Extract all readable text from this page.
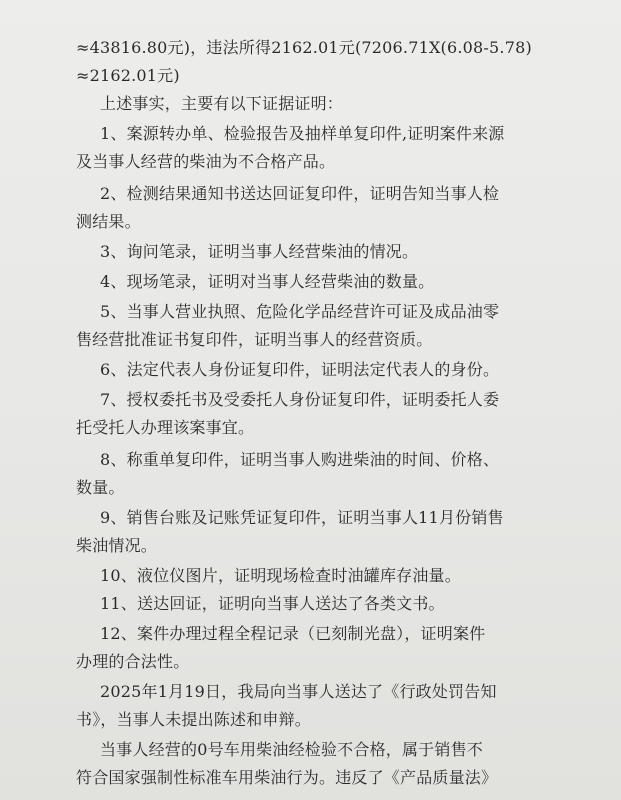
≈43816.80元)，违法所得2162.01元(7206.71X(6.08-5.78)
≈2162.01元)
上述事实，主要有以下证据证明：
1、案源转办单、检验报告及抽样单复印件,证明案件来源
及当事人经营的柴油为不合格产品。
2、检测结果通知书送达回证复印件，证明告知当事人检
测结果。
3、询问笔录，证明当事人经营柴油的情况。
4、现场笔录，证明对当事人经营柴油的数量。
5、当事人营业执照、危险化学品经营许可证及成品油零
售经营批准证书复印件，证明当事人的经营资质。
6、法定代表人身份证复印件，证明法定代表人的身份。
7、授权委托书及受委托人身份证复印件，证明委托人委
托受托人办理该案事宜。
8、称重单复印件，证明当事人购进柴油的时间、价格、
数量。
9、销售台账及记账凭证复印件，证明当事人11月份销售
柴油情况。
10、液位仪图片，证明现场检查时油罐库存油量。
11、送达回证，证明向当事人送达了各类文书。
12、案件办理过程全程记录（已刻制光盘），证明案件
办理的合法性。
2025年1月19日，我局向当事人送达了《行政处罚告知
书》，当事人未提出陈述和申辩。
当事人经营的0号车用柴油经检验不合格，属于销售不
符合国家强制性标准车用柴油行为。违反了《产品质量法》
